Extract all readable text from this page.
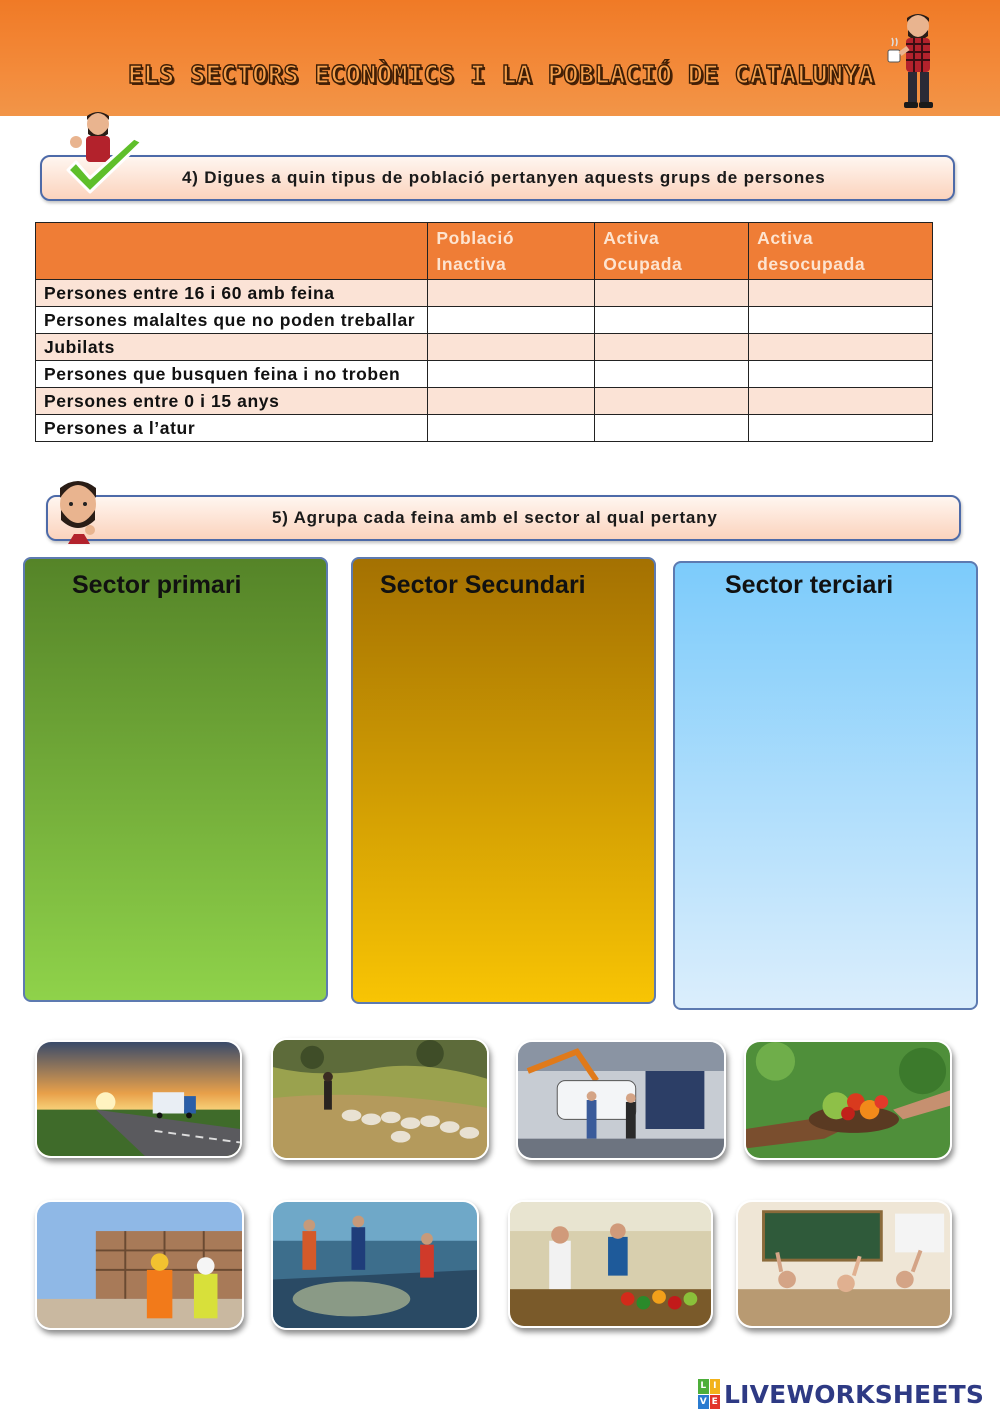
ELS SECTORS ECONÒMICS I LA POBLACIÓ DE CATALUNYA
4) Digues a quin tipus de població pertanyen aquests grups de persones
	Població Inactiva	Activa Ocupada	Activa desocupada
Persones entre 16 i 60 amb feina			
Persones malaltes que no poden treballar			
Jubilats			
Persones que busquen feina i no troben			
Persones entre 0 i 15 anys			
Persones a l’atur			
5) Agrupa cada feina amb el sector al qual pertany
Sector primari	Sector Secundari	Sector terciari
L I
V E LIVEWORKSHEETS
